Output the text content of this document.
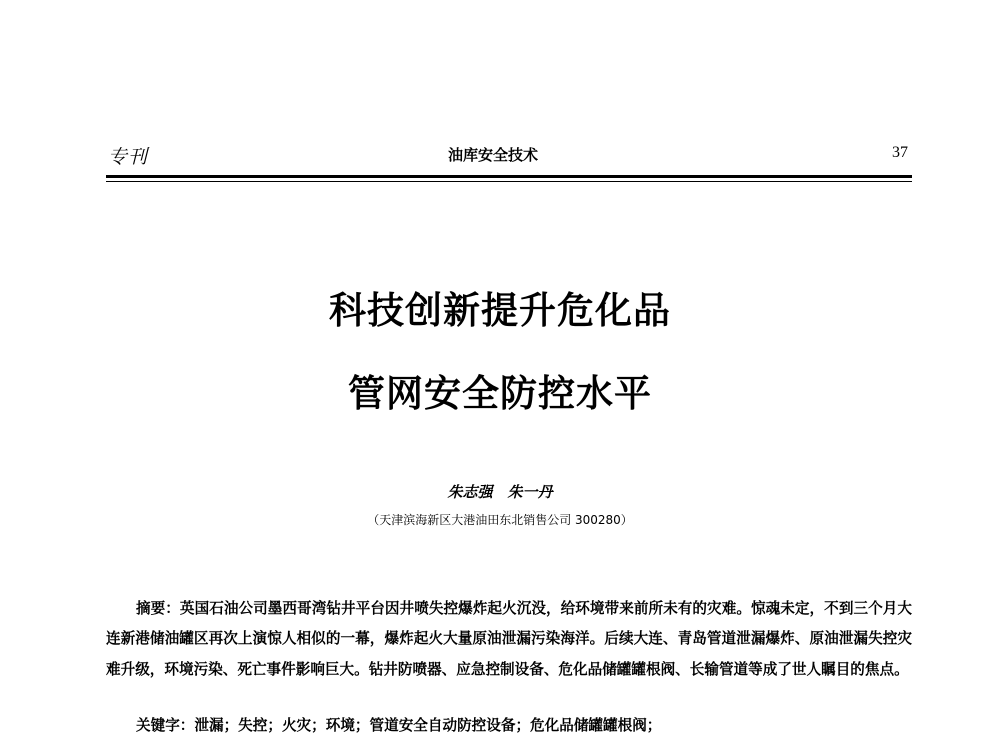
专刊	油库安全技术	37
科技创新提升危化品
管网安全防控水平
朱志强　朱一丹
（天津滨海新区大港油田东北销售公司 300280）

摘要：英国石油公司墨西哥湾钻井平台因井喷失控爆炸起火沉没，给环境带来前所未有的灾难。惊魂未定，不到三个月大连新港储油罐区再次上演惊人相似的一幕，爆炸起火大量原油泄漏污染海洋。后续大连、青岛管道泄漏爆炸、原油泄漏失控灾难升级，环境污染、死亡事件影响巨大。钻井防喷器、应急控制设备、危化品储罐罐根阀、长输管道等成了世人瞩目的焦点。

关键字：泄漏；失控；火灾；环境；管道安全自动防控设备；危化品储罐罐根阀；
